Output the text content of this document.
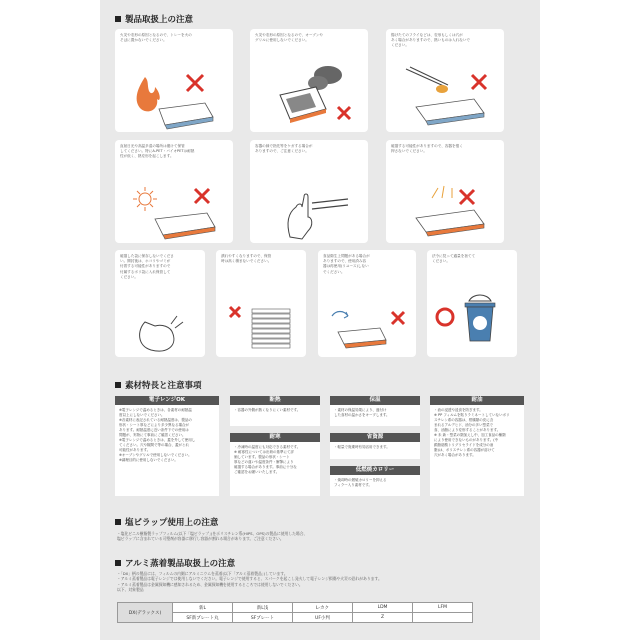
製品取扱上の注意
火災や変形の原因となるので、トレーを火の
そばに置かないでください。
火災や変形の原因となるので、オーブンや
グリルに使用しないでください。
揚げたてのフライなどは、変形もしくは穴が
あく場合がありますので、熱いものは入れないで
ください。
直射日光や高温多湿の場所は避けて保管
してください。特にA-PET・バイオPETは耐熱
性が低く、熱変形を起こします。
容器の縁で指先等をケガする場合が
ありますので、ご注意ください。
破損する可能性がありますので、容器を強く
押さないでください。
破損した袋に保存しないでくださ
い。開封後は、ホコリやゴミが
付着する可能性がありますので
付属するポリ袋に入れ保管して
ください。
潰れやすくなりますので、保管
時は高く積まないでください。
食品衛生上問題がある場合が
ありますので、使用済み容
器は再使用(リユース)しない
でください。
法令に従って適量を捨てて
ください。
素材特長と注意事項
電子レンジOK
※電子レンジで温めるときは、各素材の耐熱温
度以上にしないでください。
※各素材に表記されている耐熱温度は、製品の
形状・シート厚などにより多少異なる場合が
あります。耐熱温度に近い条件下での使用は
問題が、実物にて事前にご確認ください。
※電子レンジで温めるときは、蓋を外して使用し
てください。穴や隙間で等の場合、蓋がとれ
可能性があります。
※オーブンやグリルで使用しないでください。
※調理目的に使用しないでください。
断熱
・容器の外側が熱くなりにくい素材です。
保温
・素材の保温効果により、盛付け
した食材の温かさをキープします。
耐油
・油の浸透や浸食を防ぎます。
※ PP フィルムを貼りラミネートしていないポリ
スチレン系の容器は、柑橘類の皮に含
まれるアルデヒド、油分の多い惣菜で
食、油脂により変形することがあります。
※ 未 新・惣菜の類加えし中、加工食品の種類
により使用できないものがあります。(中
鎖脂肪酸トリグリセライドを成分の油
脂)は、ポリスチレン系の容器が溶けて
穴があく場合があります。
耐寒
・冷凍時の温度にも対応できる素材です。
※ 耐寒性については出荷の基準にて評
価しています。製品の形状・シート
厚などの違いや温度条件・衝撃により
破損する場合があります。事前に十分な
ご確認をお願いいたします。
省資源
・軽量で廃棄時有効活用できます。
低燃焼カロリー
・焼却時の燃焼カロリーを抑える
フィラー入り素材です。
塩ビラップ使用上の注意
・塩化ビニル樹脂製ラップフィルム(以下「塩ビラップ」)をポリスチレン系(HIPS、OPS)の製品に使用した場合、
塩ビラップに含まれている可塑剤が容器に移行し容器が割れる場合があります。ご注意ください。
アルミ蒸着製品取扱上の注意
・「DX」柄の製品には、フィルムの内側にアルミニウムを蒸着(以下「アルミ蒸着製品」)しています。
・アルミ蒸着製品は電子レンジでは使用しないでください。電子レンジで使用すると、スパークを起こし発火して電子レンジ損傷や火災の恐れがあります。
・アルミ蒸着製品は金属探知機に感知されるため、金属探知機を使用するところでは使用しないでください。
以下、対象製品
DX(デラックス)	新L	新L浅	L-カク	LDM	LFM
	SF新プレート丸	SFプレート	UF小判	Z	
